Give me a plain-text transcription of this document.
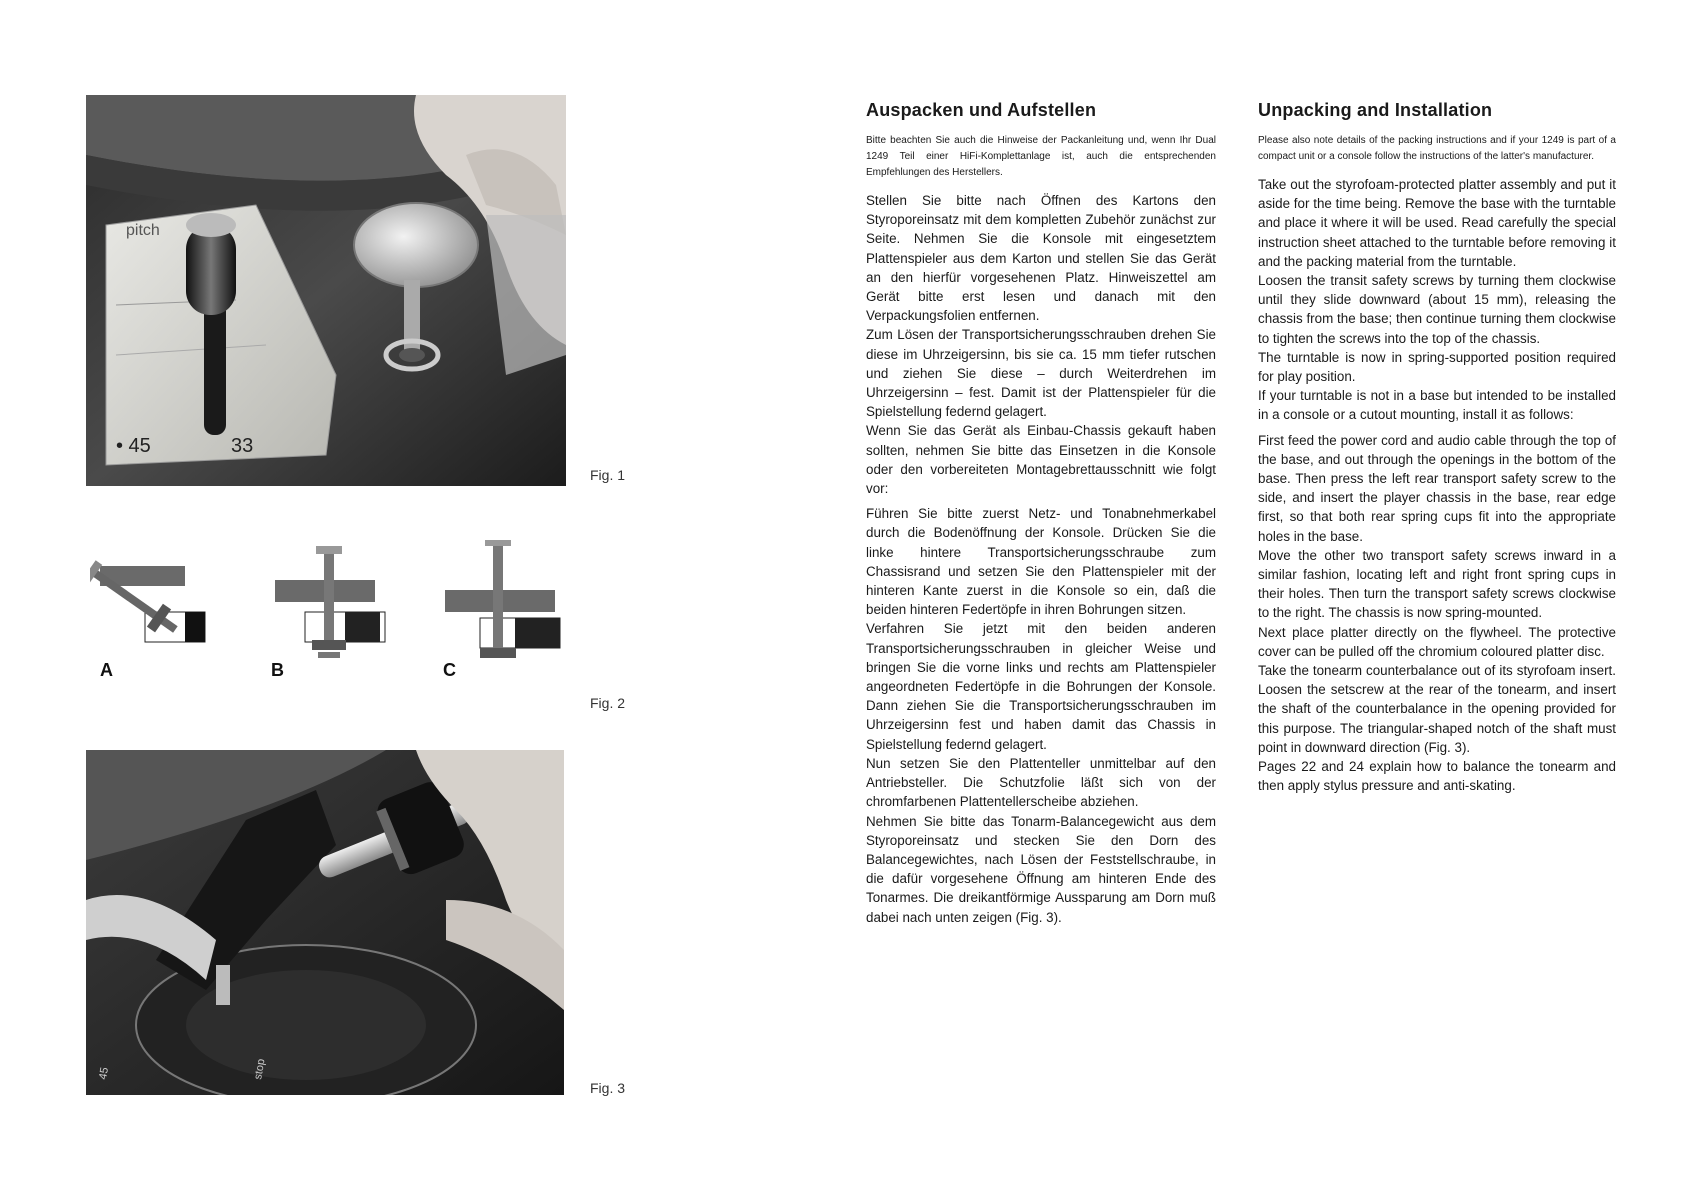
pitch
• 45	33
Fig. 1
A	B	C
Fig. 2
45	stop
Fig. 3
Auspacken und Aufstellen

Bitte beachten Sie auch die Hinweise der Packanleitung und, wenn Ihr Dual 1249 Teil einer HiFi-Komplettanlage ist, auch die entsprechenden Empfehlungen des Herstellers.

Stellen Sie bitte nach Öffnen des Kartons den Styroporeinsatz mit dem kompletten Zubehör zunächst zur Seite. Nehmen Sie die Konsole mit eingesetztem Plattenspieler aus dem Karton und stellen Sie das Gerät an den hierfür vorgesehenen Platz. Hinweiszettel am Gerät bitte erst lesen und danach mit den Verpackungsfolien entfernen.

Zum Lösen der Transportsicherungsschrauben drehen Sie diese im Uhrzeigersinn, bis sie ca. 15 mm tiefer rutschen und ziehen Sie diese – durch Weiterdrehen im Uhrzeigersinn – fest. Damit ist der Plattenspieler für die Spielstellung federnd gelagert.

Wenn Sie das Gerät als Einbau-Chassis gekauft haben sollten, nehmen Sie bitte das Einsetzen in die Konsole oder den vorbereiteten Montagebrettausschnitt wie folgt vor:

Führen Sie bitte zuerst Netz- und Tonabnehmerkabel durch die Bodenöffnung der Konsole. Drücken Sie die linke hintere Transportsicherungsschraube zum Chassisrand und setzen Sie den Plattenspieler mit der hinteren Kante zuerst in die Konsole so ein, daß die beiden hinteren Federtöpfe in ihren Bohrungen sitzen.

Verfahren Sie jetzt mit den beiden anderen Transportsicherungsschrauben in gleicher Weise und bringen Sie die vorne links und rechts am Plattenspieler angeordneten Federtöpfe in die Bohrungen der Konsole. Dann ziehen Sie die Transportsicherungsschrauben im Uhrzeigersinn fest und haben damit das Chassis in Spielstellung federnd gelagert.

Nun setzen Sie den Plattenteller unmittelbar auf den Antriebsteller. Die Schutzfolie läßt sich von der chromfarbenen Plattentellerscheibe abziehen.

Nehmen Sie bitte das Tonarm-Balancegewicht aus dem Styroporeinsatz und stecken Sie den Dorn des Balancegewichtes, nach Lösen der Feststellschraube, in die dafür vorgesehene Öffnung am hinteren Ende des Tonarmes. Die dreikantförmige Aussparung am Dorn muß dabei nach unten zeigen (Fig. 3).

Unpacking and Installation

Please also note details of the packing instructions and if your 1249 is part of a compact unit or a console follow the instructions of the latter's manufacturer.

Take out the styrofoam-protected platter assembly and put it aside for the time being. Remove the base with the turntable and place it where it will be used. Read carefully the special instruction sheet attached to the turntable before removing it and the packing material from the turntable.

Loosen the transit safety screws by turning them clockwise until they slide downward (about 15 mm), releasing the chassis from the base; then continue turning them clockwise to tighten the screws into the top of the chassis.

The turntable is now in spring-supported position required for play position.

If your turntable is not in a base but intended to be installed in a console or a cutout mounting, install it as follows:

First feed the power cord and audio cable through the top of the base, and out through the openings in the bottom of the base. Then press the left rear transport safety screw to the side, and insert the player chassis in the base, rear edge first, so that both rear spring cups fit into the appropriate holes in the base.

Move the other two transport safety screws inward in a similar fashion, locating left and right front spring cups in their holes. Then turn the transport safety screws clockwise to the right. The chassis is now spring-mounted.

Next place platter directly on the flywheel. The protective cover can be pulled off the chromium coloured platter disc.

Take the tonearm counterbalance out of its styrofoam insert. Loosen the setscrew at the rear of the tonearm, and insert the shaft of the counterbalance in the opening provided for this purpose. The triangular-shaped notch of the shaft must point in downward direction (Fig. 3).

Pages 22 and 24 explain how to balance the tonearm and then apply stylus pressure and anti-skating.
